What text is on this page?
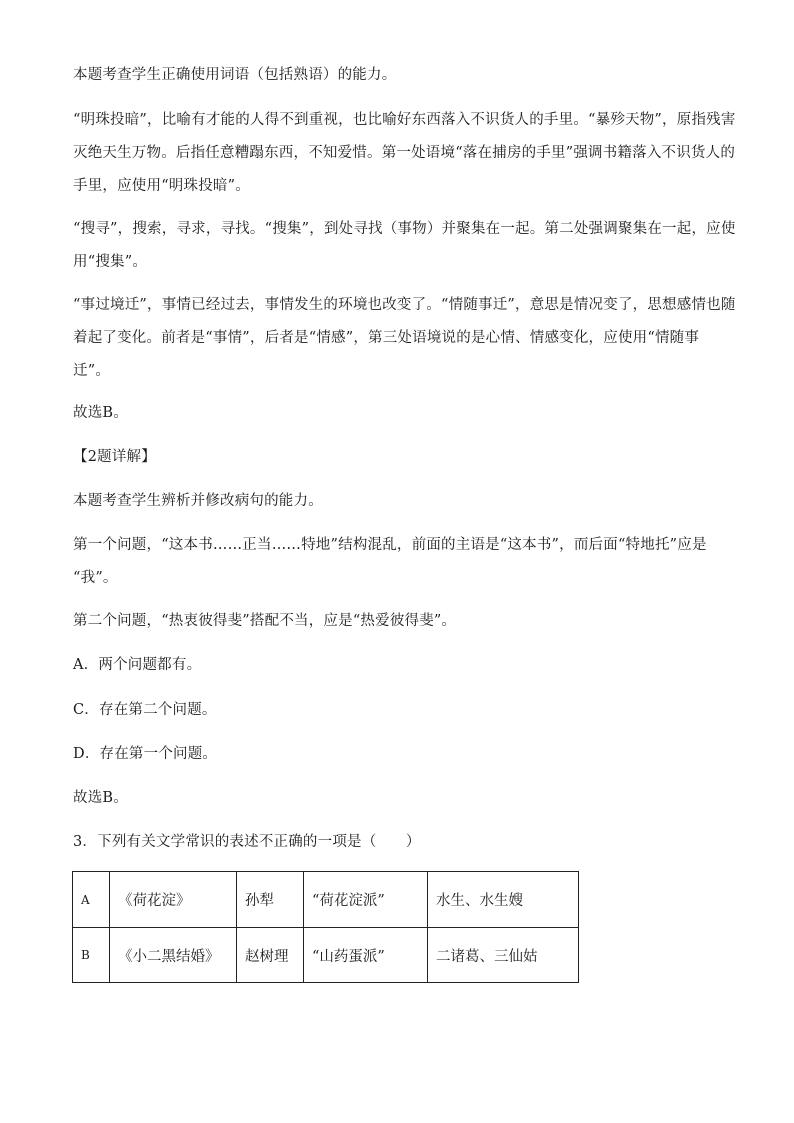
本题考查学生正确使用词语（包括熟语）的能力。
“明珠投暗”，比喻有才能的人得不到重视，也比喻好东西落入不识货人的手里。“暴殄天物”，原指残害
灭绝天生万物。后指任意糟蹋东西，不知爱惜。第一处语境“落在捕房的手里”强调书籍落入不识货人的
手里，应使用“明珠投暗”。
“搜寻”，搜索，寻求，寻找。“搜集”，到处寻找（事物）并聚集在一起。第二处强调聚集在一起，应使
用“搜集”。
“事过境迁”，事情已经过去，事情发生的环境也改变了。“情随事迁”，意思是情况变了，思想感情也随
着起了变化。前者是“事情”，后者是“情感”，第三处语境说的是心情、情感变化，应使用“情随事
迁”。
故选B。
【2题详解】
本题考查学生辨析并修改病句的能力。
第一个问题，“这本书……正当……特地”结构混乱，前面的主语是“这本书”，而后面“特地托”应是
“我”。
第二个问题，“热衷彼得斐”搭配不当，应是“热爱彼得斐”。
A．两个问题都有。
C．存在第二个问题。
D．存在第一个问题。
故选B。
3．下列有关文学常识的表述不正确的一项是（　　）
A	《荷花淀》	孙犁	“荷花淀派”	水生、水生嫂
B	《小二黑结婚》	赵树理	“山药蛋派”	二诸葛、三仙姑
